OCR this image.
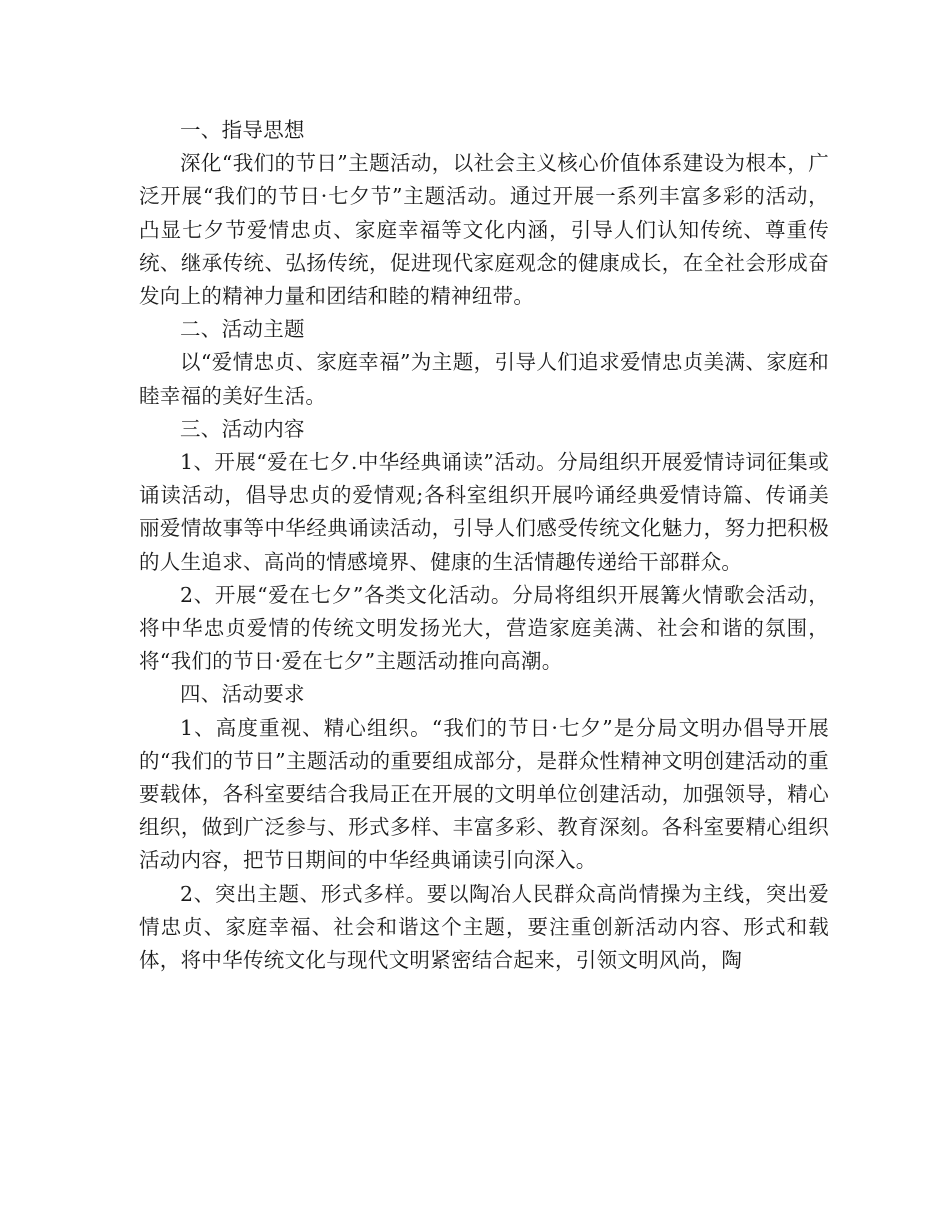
一、指导思想

深化“我们的节日”主题活动，以社会主义核心价值体系建设为根本，广泛开展“我们的节日·七夕节”主题活动。通过开展一系列丰富多彩的活动，凸显七夕节爱情忠贞、家庭幸福等文化内涵，引导人们认知传统、尊重传统、继承传统、弘扬传统，促进现代家庭观念的健康成长，在全社会形成奋发向上的精神力量和团结和睦的精神纽带。

二、活动主题

以“爱情忠贞、家庭幸福”为主题，引导人们追求爱情忠贞美满、家庭和睦幸福的美好生活。

三、活动内容

1、开展“爱在七夕.中华经典诵读”活动。分局组织开展爱情诗词征集或诵读活动，倡导忠贞的爱情观;各科室组织开展吟诵经典爱情诗篇、传诵美丽爱情故事等中华经典诵读活动，引导人们感受传统文化魅力，努力把积极的人生追求、高尚的情感境界、健康的生活情趣传递给干部群众。

2、开展“爱在七夕”各类文化活动。分局将组织开展篝火情歌会活动，将中华忠贞爱情的传统文明发扬光大，营造家庭美满、社会和谐的氛围，将“我们的节日·爱在七夕”主题活动推向高潮。

四、活动要求

1、高度重视、精心组织。“我们的节日·七夕”是分局文明办倡导开展的“我们的节日”主题活动的重要组成部分，是群众性精神文明创建活动的重要载体，各科室要结合我局正在开展的文明单位创建活动，加强领导，精心组织，做到广泛参与、形式多样、丰富多彩、教育深刻。各科室要精心组织活动内容，把节日期间的中华经典诵读引向深入。

2、突出主题、形式多样。要以陶冶人民群众高尚情操为主线，突出爱情忠贞、家庭幸福、社会和谐这个主题，要注重创新活动内容、形式和载体，将中华传统文化与现代文明紧密结合起来，引领文明风尚，陶
